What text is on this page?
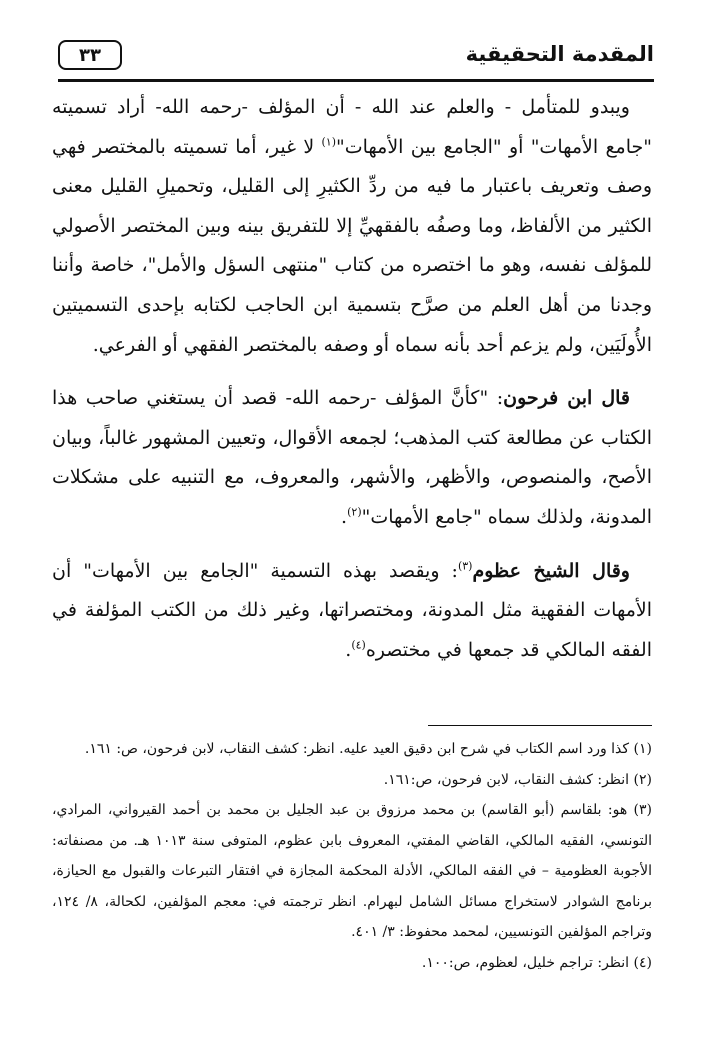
المقدمة التحقيقية
٣٣

ويبدو للمتأمل - والعلم عند الله - أن المؤلف -رحمه الله- أراد تسميته "جامع الأمهات" أو "الجامع بين الأمهات"$^{(١)}$ لا غير، أما تسميته بالمختصر فهي وصف وتعريف باعتبار ما فيه من ردِّ الكثيرِ إلى القليل، وتحميلِ القليل معنى الكثير من الألفاظ، وما وصفُه بالفقهيِّ إلا للتفريق بينه وبين المختصر الأصولي للمؤلف نفسه، وهو ما اختصره من كتاب "منتهى السؤل والأمل"، خاصة وأننا وجدنا من أهل العلم من صرَّح بتسمية ابن الحاجب لكتابه بإحدى التسميتين الأُولَيَين، ولم يزعم أحد بأنه سماه أو وصفه بالمختصر الفقهي أو الفرعي.

قال ابن فرحون: "كأنَّ المؤلف -رحمه الله- قصد أن يستغني صاحب هذا الكتاب عن مطالعة كتب المذهب؛ لجمعه الأقوال، وتعيين المشهور غالباً، وبيان الأصح، والمنصوص، والأظهر، والأشهر، والمعروف، مع التنبيه على مشكلات المدونة، ولذلك سماه "جامع الأمهات"$^{(٢)}$.

وقال الشيخ عظوم$^{(٣)}$: ويقصد بهذه التسمية "الجامع بين الأمهات" أن الأمهات الفقهية مثل المدونة، ومختصراتها، وغير ذلك من الكتب المؤلفة في الفقه المالكي قد جمعها في مختصره$^{(٤)}$.

(١) كذا ورد اسم الكتاب في شرح ابن دقيق العيد عليه. انظر: كشف النقاب، لابن فرحون، ص: ١٦١.

(٢) انظر: كشف النقاب، لابن فرحون، ص:١٦١.

(٣) هو: بلقاسم (أبو القاسم) بن محمد مرزوق بن عبد الجليل بن محمد بن أحمد القيرواني، المرادي، التونسي، الفقيه المالكي، القاضي المفتي، المعروف بابن عظوم، المتوفى سنة ١٠١٣ هـ. من مصنفاته: الأجوبة العظومية – في الفقه المالكي، الأدلة المحكمة المجازة في افتقار التبرعات والقبول مع الحيازة، برنامج الشوادر لاستخراج مسائل الشامل لبهرام. انظر ترجمته في: معجم المؤلفين، لكحالة، ٨/ ١٢٤، وتراجم المؤلفين التونسيين، لمحمد محفوظ: ٣/ ٤٠١.

(٤) انظر: تراجم خليل، لعظوم، ص:١٠٠.
